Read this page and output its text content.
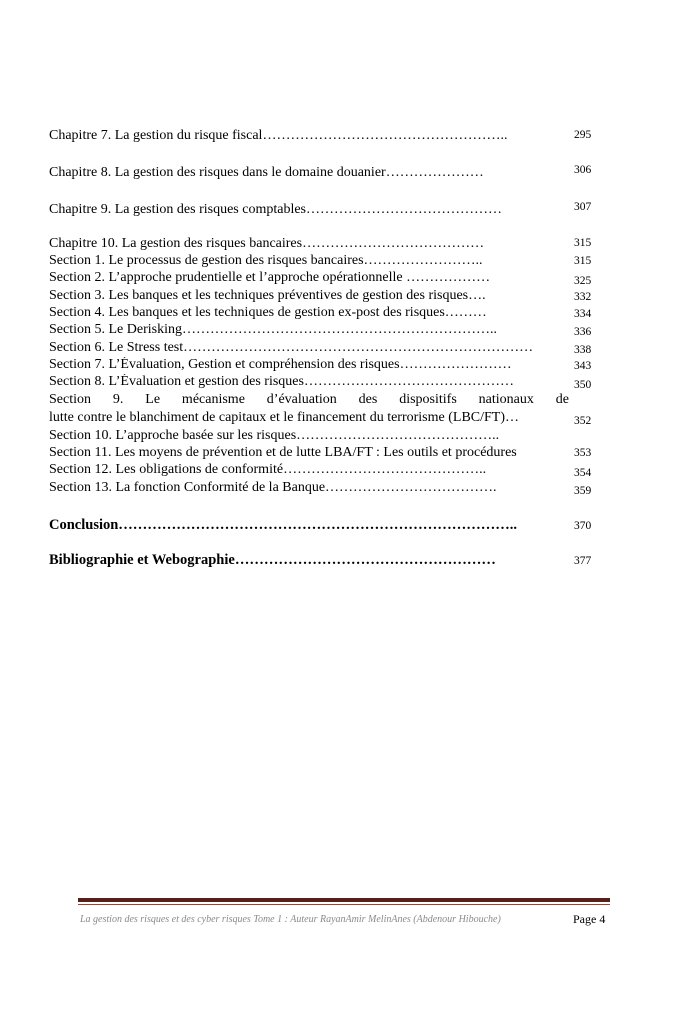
Chapitre 7. La gestion du risque fiscal……………………………………………..	295
Chapitre 8. La gestion des risques dans le domaine douanier…………………	306
Chapitre 9. La gestion des risques comptables……………………………………	307
Chapitre 10. La gestion des risques bancaires…………………………………	315
Section 1. Le processus de gestion des risques bancaires……………………..	315
Section 2. L’approche prudentielle et l’approche opérationnelle ………………	325
Section 3. Les banques et les techniques préventives de gestion des risques….	332
Section 4. Les banques et les techniques de gestion ex-post des risques………	334
Section 5. Le Derisking…………………………………………………………..	336
Section 6. Le Stress test…………………………………………………………………	338
Section 7. L’Évaluation, Gestion et compréhension des risques……………………	343
Section 8. L’Évaluation et gestion des risques………………………………………	350
Section 9. Le mécanisme d’évaluation des dispositifs nationaux de
lutte contre le blanchiment de capitaux et le financement du terrorisme (LBC/FT)…	352
Section 10. L’approche basée sur les risques……………………………………..
Section 11. Les moyens de prévention et de lutte LBA/FT : Les outils et procédures	353
Section 12. Les obligations de conformité……………………………………..	354
Section 13. La fonction Conformité de la Banque……………………………….	359
Conclusion………………………………………………………………………..	370
Bibliographie et Webographie………………………………………………	377
La gestion des risques et des cyber risques Tome 1 : Auteur RayanAmir MelinAnes (Abdenour Hibouche)	Page 4
